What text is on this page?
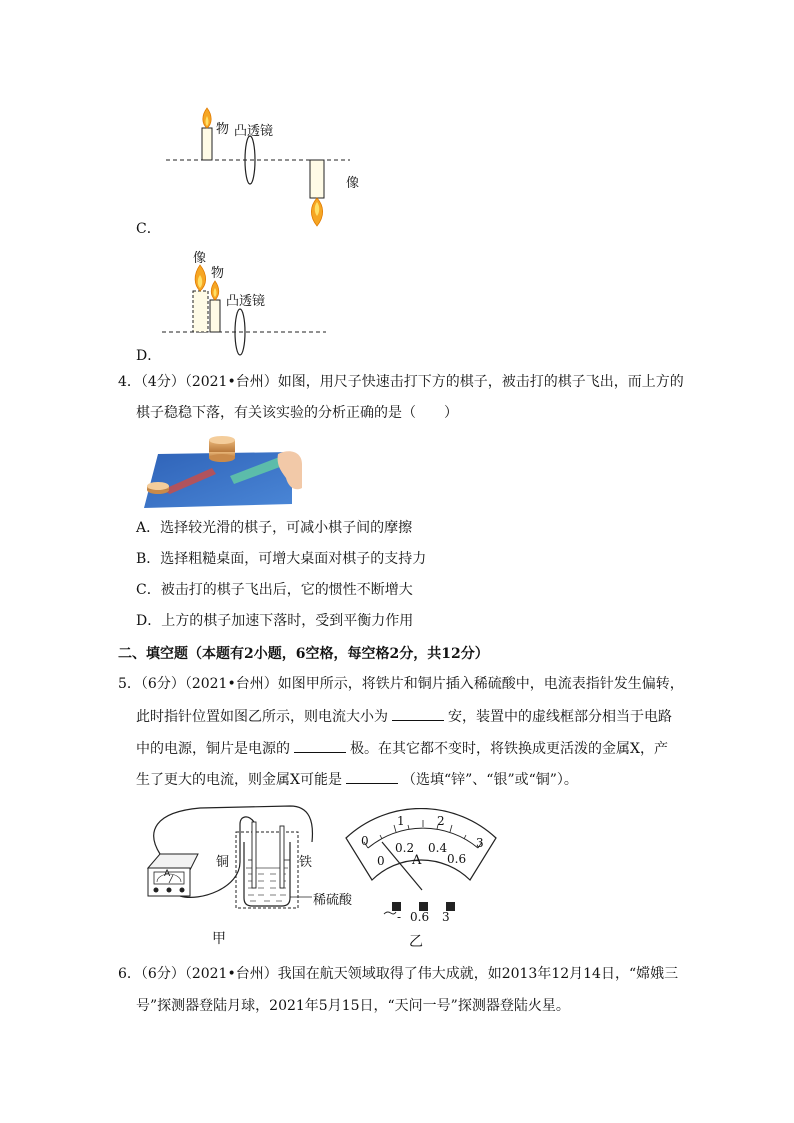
物 凸透镜
像
C．
像
物
凸透镜
D．
4．（4分）（2021•台州）如图，用尺子快速击打下方的棋子，被击打的棋子飞出，而上方的
棋子稳稳下落，有关该实验的分析正确的是（　　）
A．选择较光滑的棋子，可减小棋子间的摩擦
B．选择粗糙桌面，可增大桌面对棋子的支持力
C．被击打的棋子飞出后，它的惯性不断增大
D．上方的棋子加速下落时，受到平衡力作用
二、填空题（本题有2小题，6空格，每空格2分，共12分）
5．（6分）（2021•台州）如图甲所示，将铁片和铜片插入稀硫酸中，电流表指针发生偏转，
此时指针位置如图乙所示，则电流大小为	安，装置中的虚线框部分相当于电路
中的电源，铜片是电源的	极。在其它都不变时，将铁换成更活泼的金属X，产
生了更大的电流，则金属X可能是	（选填“锌”、“银”或“铜”）。
铜	铁
稀硫酸
A
甲
0
1	2
3
0
0.2 0.4
0.6
A
- 0.6 3
乙
6．（6分）（2021•台州）我国在航天领域取得了伟大成就，如2013年12月14日，“嫦娥三
号”探测器登陆月球，2021年5月15日，“天问一号”探测器登陆火星。
